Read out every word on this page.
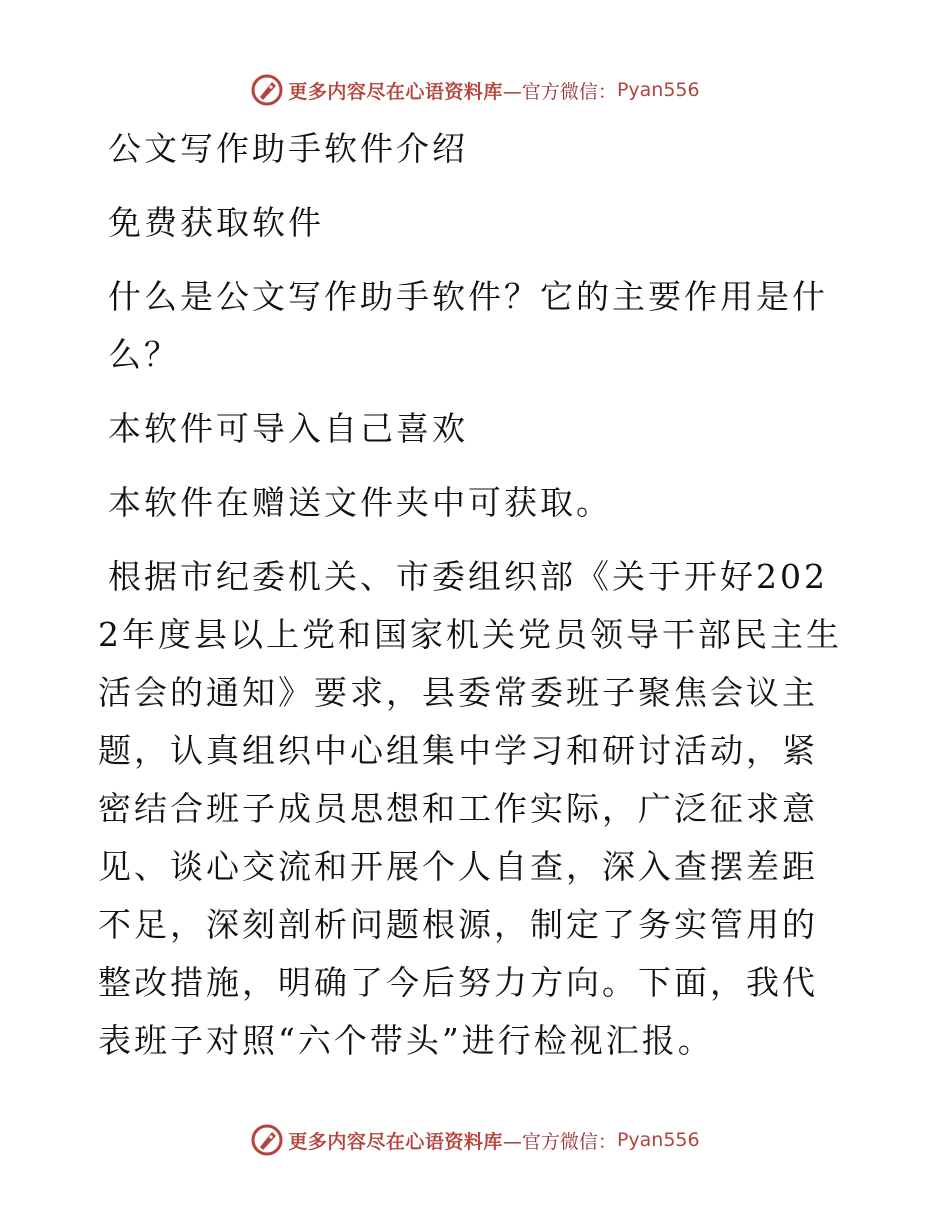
更多内容尽在心语资料库 —官方微信： Pyan556

公文写作助手软件介绍

免费获取软件

什么是公文写作助手软件？它的主要作用是什么？

本软件可导入自己喜欢

本软件在赠送文件夹中可获取。

根据市纪委机关、市委组织部《关于开好2022年度县以上党和国家机关党员领导干部民主生活会的通知》要求，县委常委班子聚焦会议主题，认真组织中心组集中学习和研讨活动，紧密结合班子成员思想和工作实际，广泛征求意见、谈心交流和开展个人自查，深入查摆差距不足，深刻剖析问题根源，制定了务实管用的整改措施，明确了今后努力方向。下面，我代表班子对照“六个带头”进行检视汇报。

更多内容尽在心语资料库 —官方微信： Pyan556
